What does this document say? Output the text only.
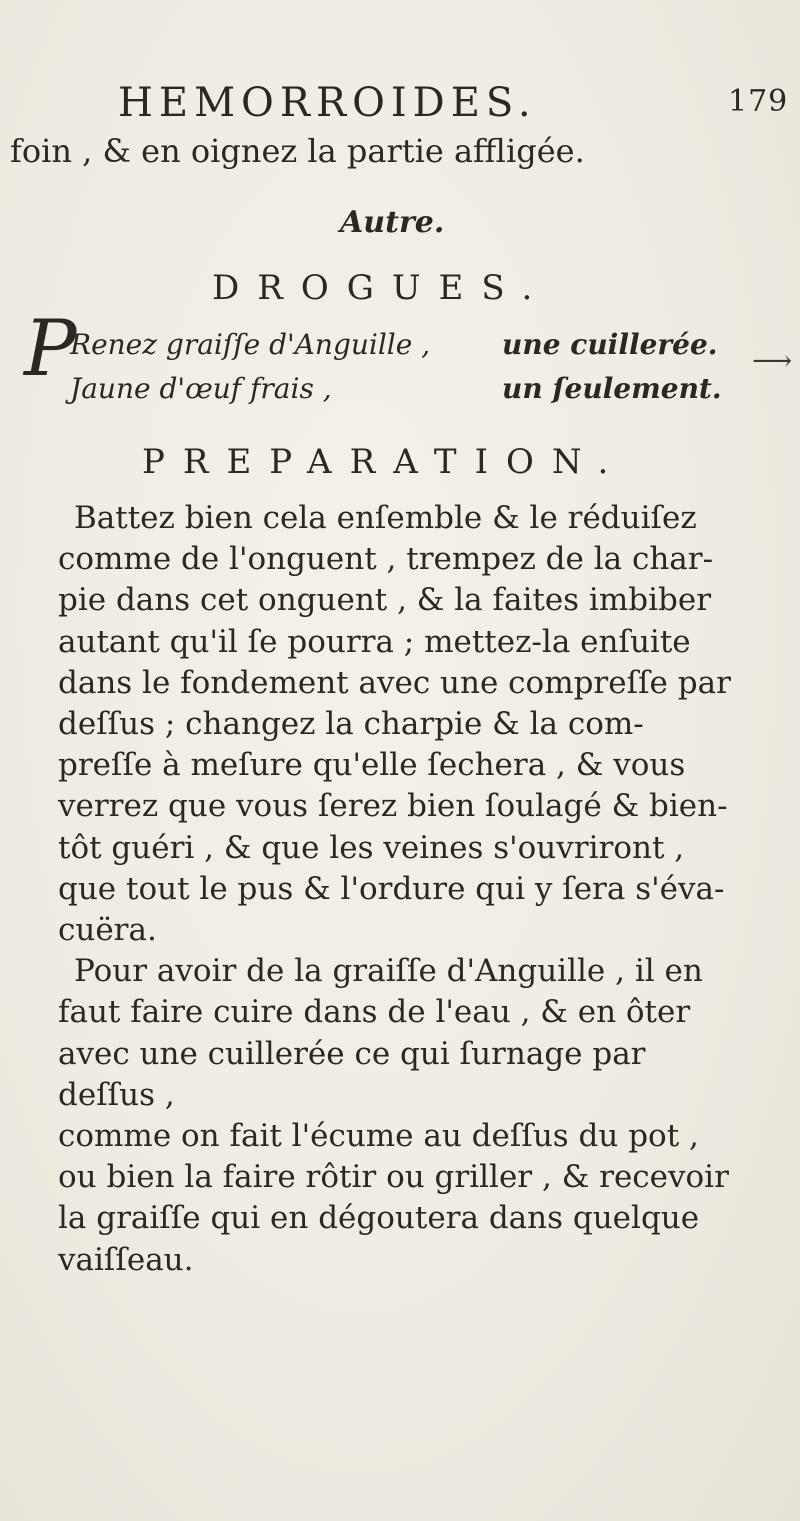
HEMORROIDES.	179
foin , & en oignez la partie affligée.
Autre.
DROGUES.
P
Renez graiſſe d'Anguille ,	une cuillerée.
Jaune d'œuf frais ,	un ſeulement.
⟶
PREPARATION.

Battez bien cela enſemble & le réduiſez

comme de l'onguent , trempez de la char-

pie dans cet onguent , & la faites imbiber

autant qu'il ſe pourra ; mettez-la enſuite

dans le fondement avec une compreſſe par

deſſus ; changez la charpie & la com-

preſſe à meſure qu'elle ſechera , & vous

verrez que vous ſerez bien ſoulagé & bien-

tôt guéri , & que les veines s'ouvriront ,

que tout le pus & l'ordure qui y ſera s'éva-

cuëra.

Pour avoir de la graiſſe d'Anguille , il en

faut faire cuire dans de l'eau , & en ôter

avec une cuillerée ce qui ſurnage par deſſus ,

comme on fait l'écume au deſſus du pot ,

ou bien la faire rôtir ou griller , & recevoir

la graiſſe qui en dégoutera dans quelque

vaiſſeau.
